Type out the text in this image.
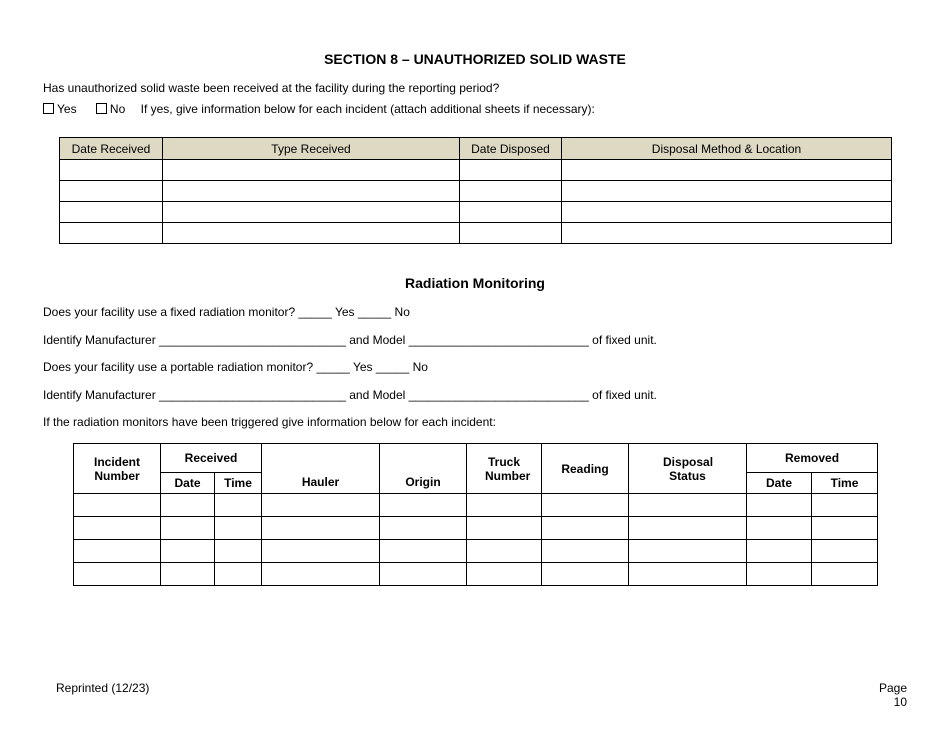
SECTION 8 – UNAUTHORIZED SOLID WASTE
Has unauthorized solid waste been received at the facility during the reporting period?
Yes	No If yes, give information below for each incident (attach additional sheets if necessary):
Date Received	Type Received	Date Disposed	Disposal Method & Location

Radiation Monitoring
Does your facility use a fixed radiation monitor? _____ Yes _____ No
Identify Manufacturer ____________________________ and Model ___________________________ of fixed unit.
Does your facility use a portable radiation monitor? _____ Yes _____ No
Identify Manufacturer ____________________________ and Model ___________________________ of fixed unit.
If the radiation monitors have been triggered give information below for each incident:
Incident Number	Received		Hauler	Origin	Truck Number	Reading	Disposal Status	Removed	
	Date	Time						Date	Time

Reprinted (12/23)	Page
10
